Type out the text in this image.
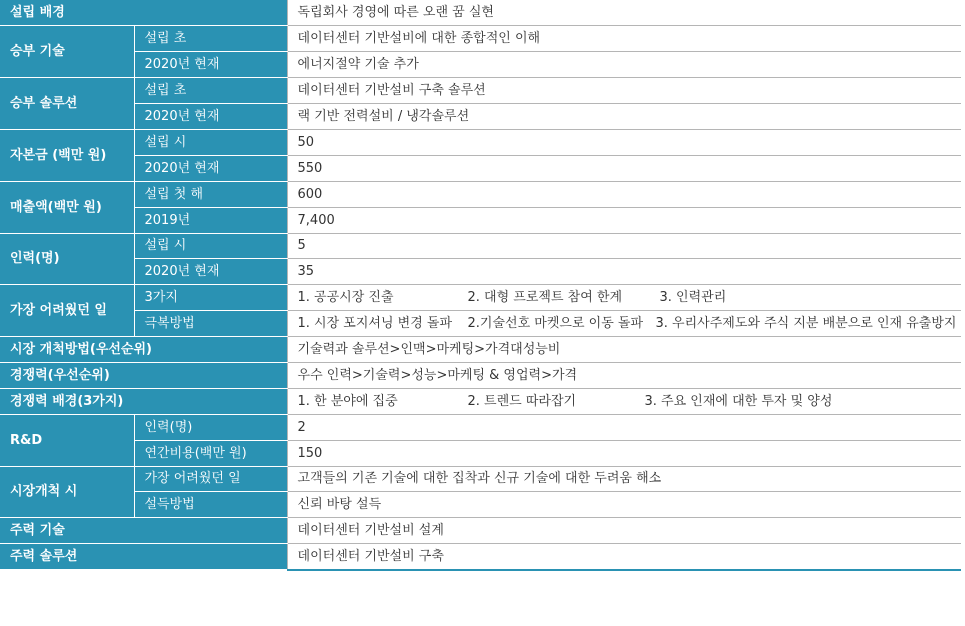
설립 배경		독립회사 경영에 따른 오랜 꿈 실현
승부 기술	설립 초	데이터센터 기반설비에 대한 종합적인 이해
	2020년 현재	에너지절약 기술 추가
승부 솔루션	설립 초	데이터센터 기반설비 구축 솔루션
	2020년 현재	랙 기반 전력설비 / 냉각솔루션
자본금 (백만 원)	설립 시	50
	2020년 현재	550
매출액(백만 원)	설립 첫 해	600
	2019년	7,400
인력(명)	설립 시	5
	2020년 현재	35
가장 어려웠던 일	3가지	1. 공공시장 진출 2. 대형 프로젝트 참여 한계 3. 인력관리
	극복방법	1. 시장 포지셔닝 변경 돌파 2.기술선호 마켓으로 이동 돌파 3. 우리사주제도와 주식 지분 배분으로 인재 유출방지
시장 개척방법(우선순위)		기술력과 솔루션>인맥>마케팅>가격대성능비
경쟁력(우선순위)		우수 인력>기술력>성능>마케팅 & 영업력>가격
경쟁력 배경(3가지)		1. 한 분야에 집중 2. 트렌드 따라잡기 3. 주요 인재에 대한 투자 및 양성
R&D	인력(명)	2
	연간비용(백만 원)	150
시장개척 시	가장 어려웠던 일	고객들의 기존 기술에 대한 집착과 신규 기술에 대한 두려움 해소
	설득방법	신뢰 바탕 설득
주력 기술		데이터센터 기반설비 설계
주력 솔루션		데이터센터 기반설비 구축
